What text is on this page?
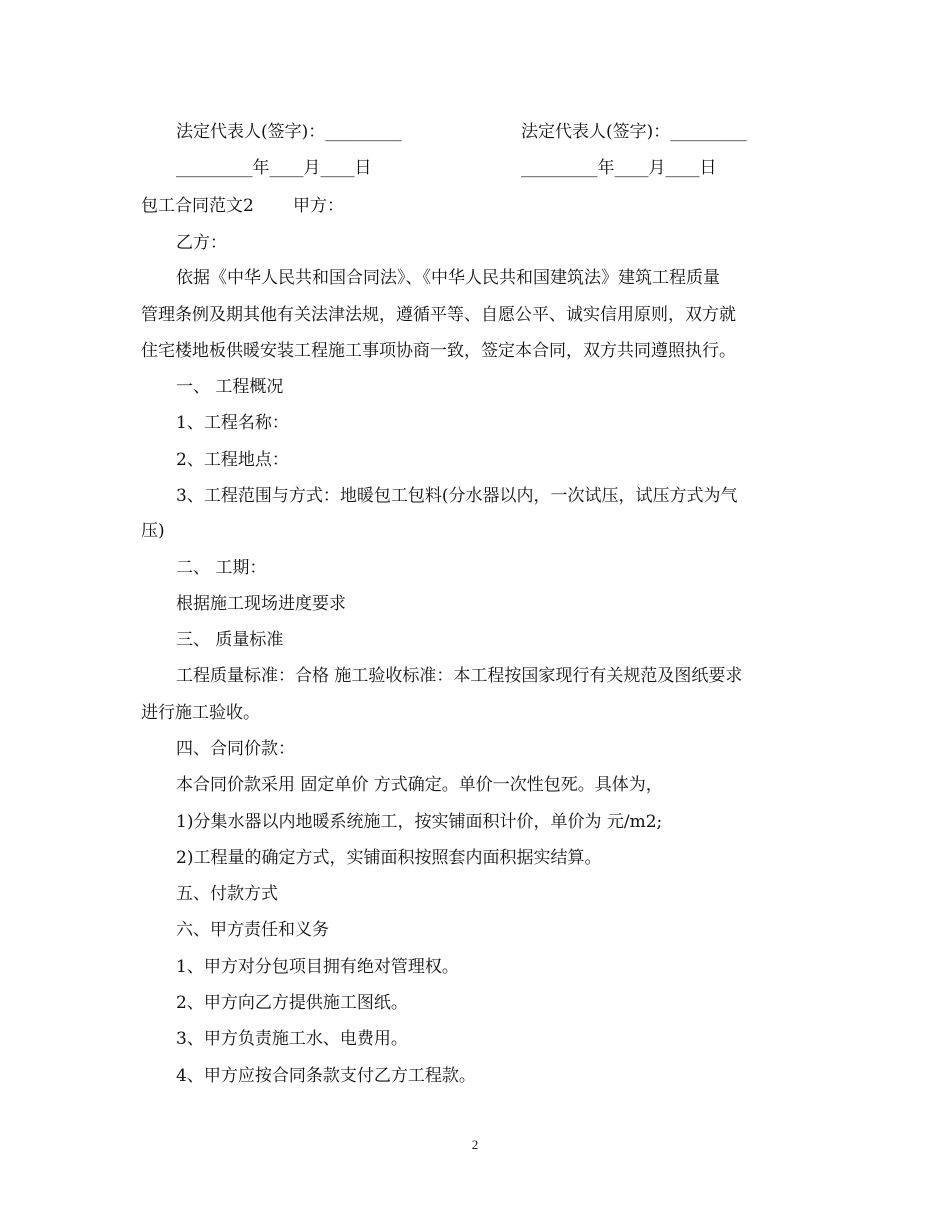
法定代表人(签字)：_________	法定代表人(签字)：_________
_________年____月____日	_________年____月____日
包工合同范文2 甲方：
乙方：
依据《中华人民共和国合同法》、《中华人民共和国建筑法》建筑工程质量
管理条例及期其他有关法津法规，遵循平等、自愿公平、诚实信用原则，双方就
住宅楼地板供暖安装工程施工事项协商一致，签定本合同，双方共同遵照执行。
一、 工程概况
1、工程名称：
2、工程地点：
3、工程范围与方式：地暖包工包料(分水器以内，一次试压，试压方式为气
压)
二、 工期：
根据施工现场进度要求
三、 质量标准
工程质量标准：合格 施工验收标准：本工程按国家现行有关规范及图纸要求
进行施工验收。
四、合同价款：
本合同价款采用 固定单价 方式确定。单价一次性包死。具体为，
1)分集水器以内地暖系统施工，按实铺面积计价，单价为 元/m2;
2)工程量的确定方式，实铺面积按照套内面积据实结算。
五、付款方式
六、甲方责任和义务
1、甲方对分包项目拥有绝对管理权。
2、甲方向乙方提供施工图纸。
3、甲方负责施工水、电费用。
4、甲方应按合同条款支付乙方工程款。
2
